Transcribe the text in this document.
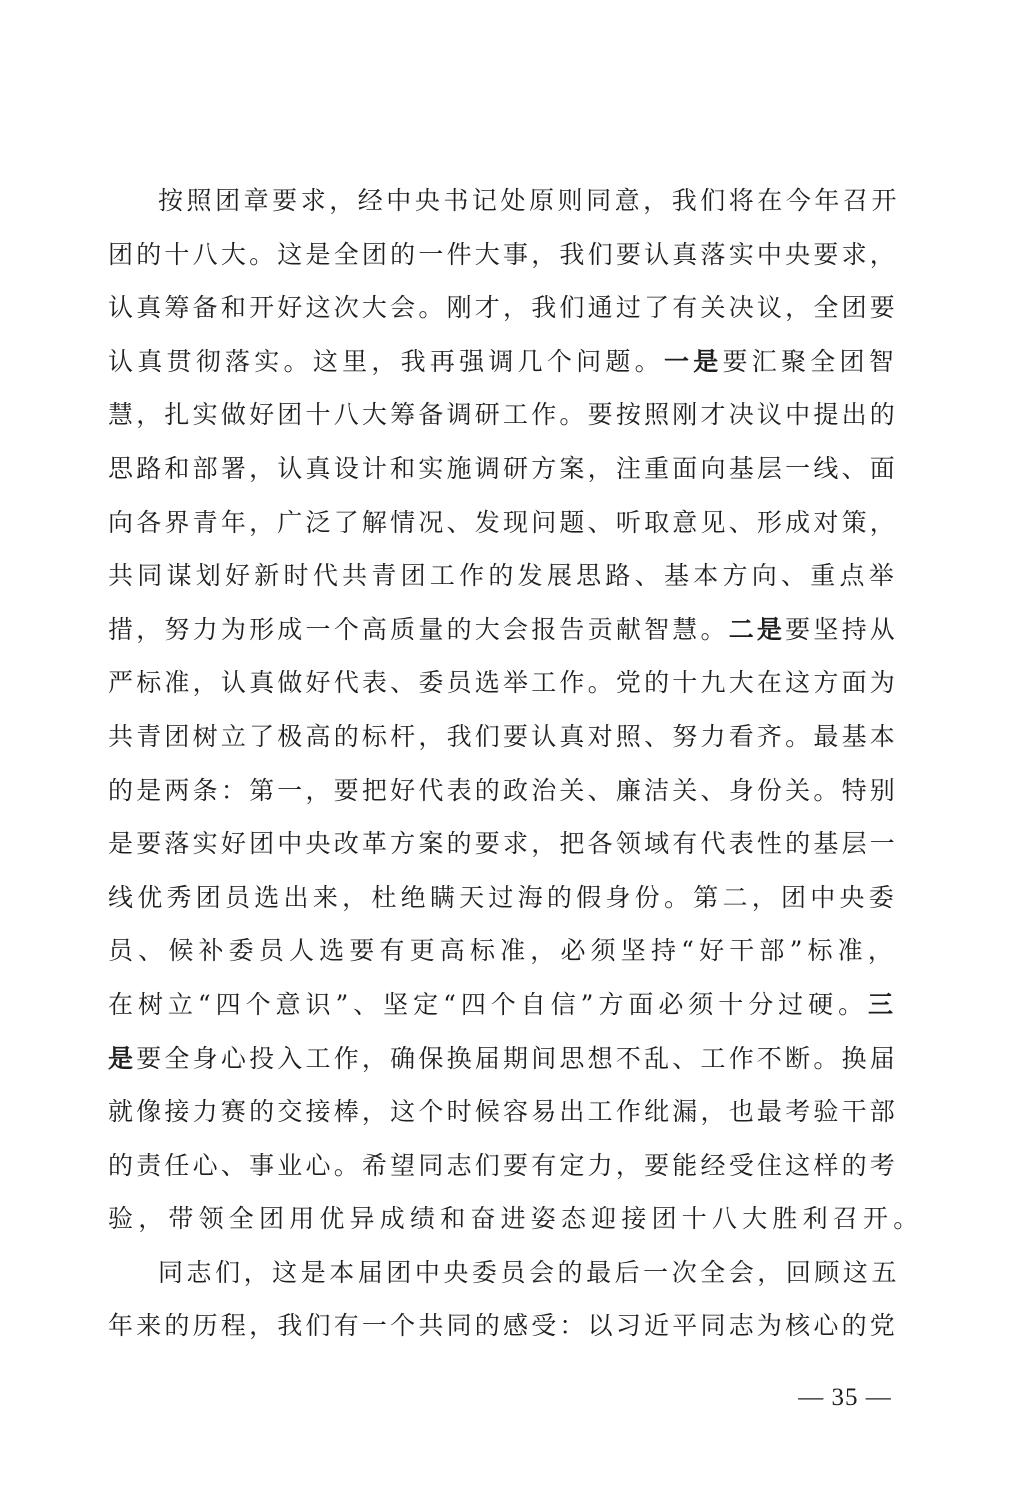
按照团章要求，经中央书记处原则同意，我们将在今年召开
团的十八大。这是全团的一件大事，我们要认真落实中央要求，
认真筹备和开好这次大会。刚才，我们通过了有关决议，全团要
认真贯彻落实。这里，我再强调几个问题。一是要汇聚全团智
慧，扎实做好团十八大筹备调研工作。要按照刚才决议中提出的
思路和部署，认真设计和实施调研方案，注重面向基层一线、面
向各界青年，广泛了解情况、发现问题、听取意见、形成对策，
共同谋划好新时代共青团工作的发展思路、基本方向、重点举
措，努力为形成一个高质量的大会报告贡献智慧。二是要坚持从
严标准，认真做好代表、委员选举工作。党的十九大在这方面为
共青团树立了极高的标杆，我们要认真对照、努力看齐。最基本
的是两条：第一，要把好代表的政治关、廉洁关、身份关。特别
是要落实好团中央改革方案的要求，把各领域有代表性的基层一
线优秀团员选出来，杜绝瞒天过海的假身份。第二，团中央委
员、候补委员人选要有更高标准，必须坚持“好干部”标准，
在树立“四个意识”、坚定“四个自信”方面必须十分过硬。三
是要全身心投入工作，确保换届期间思想不乱、工作不断。换届
就像接力赛的交接棒，这个时候容易出工作纰漏，也最考验干部
的责任心、事业心。希望同志们要有定力，要能经受住这样的考
验，带领全团用优异成绩和奋进姿态迎接团十八大胜利召开。
同志们，这是本届团中央委员会的最后一次全会，回顾这五
年来的历程，我们有一个共同的感受：以习近平同志为核心的党
— 35 —
